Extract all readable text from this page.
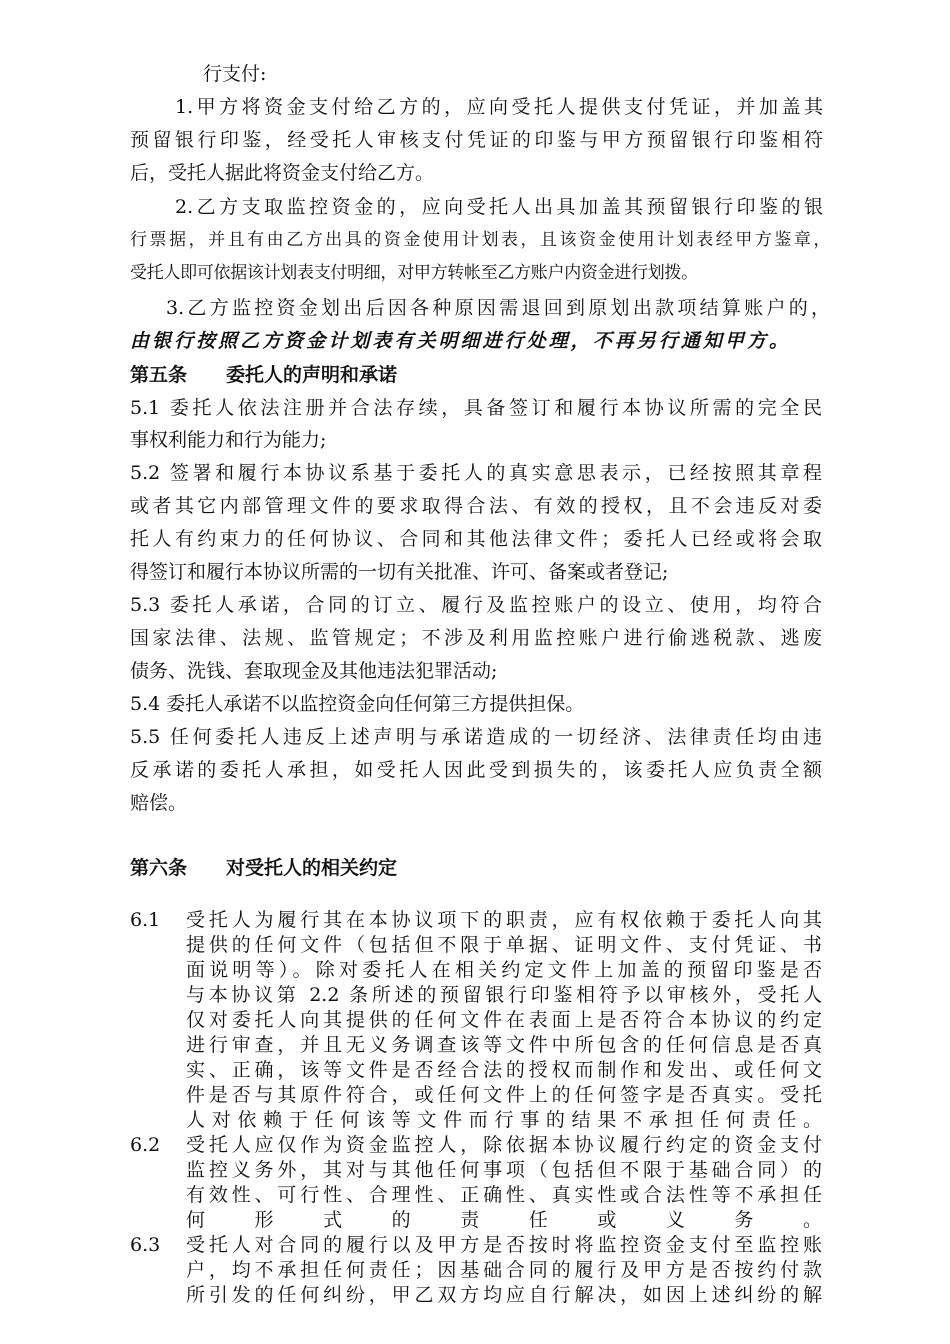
行支付:
1.甲方将资金支付给乙方的，应向受托人提供支付凭证，并加盖其
预留银行印鉴，经受托人审核支付凭证的印鉴与甲方预留银行印鉴相符
后，受托人据此将资金支付给乙方。
2.乙方支取监控资金的，应向受托人出具加盖其预留银行印鉴的银
行票据，并且有由乙方出具的资金使用计划表，且该资金使用计划表经甲方鉴章，
受托人即可依据该计划表支付明细，对甲方转帐至乙方账户内资金进行划拨。
3.乙方监控资金划出后因各种原因需退回到原划出款项结算账户的，
由银行按照乙方资金计划表有关明细进行处理，不再另行通知甲方。
第五条 委托人的声明和承诺
5.1 委托人依法注册并合法存续，具备签订和履行本协议所需的完全民
事权利能力和行为能力;
5.2 签署和履行本协议系基于委托人的真实意思表示，已经按照其章程
或者其它内部管理文件的要求取得合法、有效的授权，且不会违反对委
托人有约束力的任何协议、合同和其他法律文件；委托人已经或将会取
得签订和履行本协议所需的一切有关批准、许可、备案或者登记;
5.3 委托人承诺，合同的订立、履行及监控账户的设立、使用，均符合
国家法律、法规、监管规定；不涉及利用监控账户进行偷逃税款、逃废
债务、洗钱、套取现金及其他违法犯罪活动;
5.4 委托人承诺不以监控资金向任何第三方提供担保。
5.5 任何委托人违反上述声明与承诺造成的一切经济、法律责任均由违
反承诺的委托人承担，如受托人因此受到损失的，该委托人应负责全额
赔偿。
第六条 对受托人的相关约定
6.1 受托人为履行其在本协议项下的职责，应有权依赖于委托人向其
提供的任何文件（包括但不限于单据、证明文件、支付凭证、书
面说明等）。除对委托人在相关约定文件上加盖的预留印鉴是否
与本协议第 2.2 条所述的预留银行印鉴相符予以审核外，受托人
仅对委托人向其提供的任何文件在表面上是否符合本协议的约定
进行审查，并且无义务调查该等文件中所包含的任何信息是否真
实、正确，该等文件是否经合法的授权而制作和发出、或任何文
件是否与其原件符合，或任何文件上的任何签字是否真实。受托
人对依赖于任何该等文件而行事的结果不承担任何责任。
6.2 受托人应仅作为资金监控人，除依据本协议履行约定的资金支付
监控义务外，其对与其他任何事项（包括但不限于基础合同）的
有效性、可行性、合理性、正确性、真实性或合法性等不承担任
何形式的责任或义务。
6.3 受托人对合同的履行以及甲方是否按时将监控资金支付至监控账
户，均不承担任何责任；因基础合同的履行及甲方是否按约付款
所引发的任何纠纷，甲乙双方均应自行解决，如因上述纠纷的解
